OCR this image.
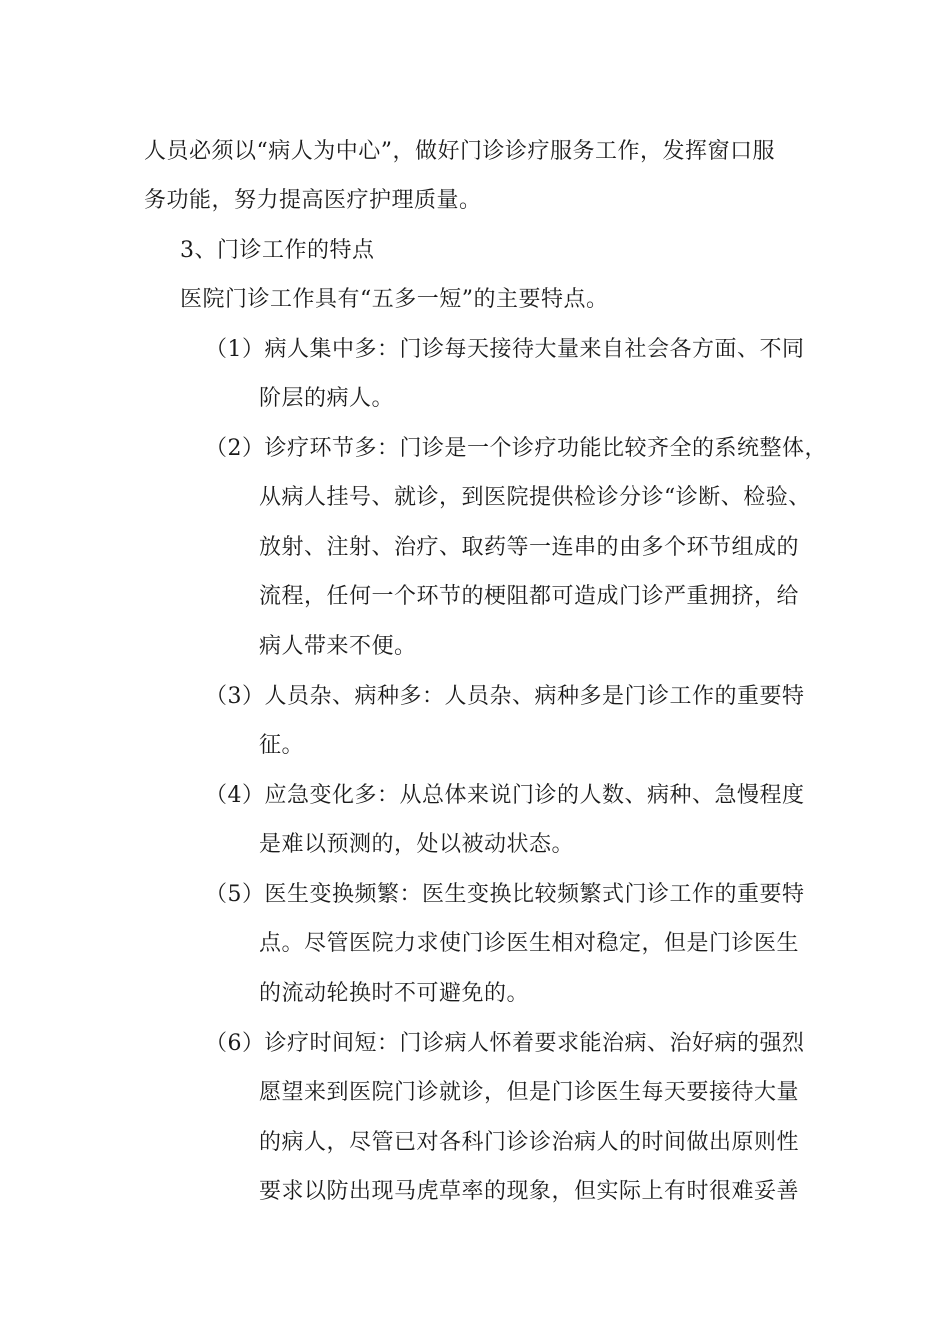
人员必须以“病人为中心”，做好门诊诊疗服务工作，发挥窗口服
务功能，努力提高医疗护理质量。
3、门诊工作的特点
医院门诊工作具有“五多一短”的主要特点。
（1）病人集中多：门诊每天接待大量来自社会各方面、不同
阶层的病人。
（2）诊疗环节多：门诊是一个诊疗功能比较齐全的系统整体，
从病人挂号、就诊，到医院提供检诊分诊“诊断、检验、
放射、注射、治疗、取药等一连串的由多个环节组成的
流程，任何一个环节的梗阻都可造成门诊严重拥挤，给
病人带来不便。
（3）人员杂、病种多：人员杂、病种多是门诊工作的重要特
征。
（4）应急变化多：从总体来说门诊的人数、病种、急慢程度
是难以预测的，处以被动状态。
（5）医生变换频繁：医生变换比较频繁式门诊工作的重要特
点。尽管医院力求使门诊医生相对稳定，但是门诊医生
的流动轮换时不可避免的。
（6）诊疗时间短：门诊病人怀着要求能治病、治好病的强烈
愿望来到医院门诊就诊，但是门诊医生每天要接待大量
的病人，尽管已对各科门诊诊治病人的时间做出原则性
要求以防出现马虎草率的现象，但实际上有时很难妥善
